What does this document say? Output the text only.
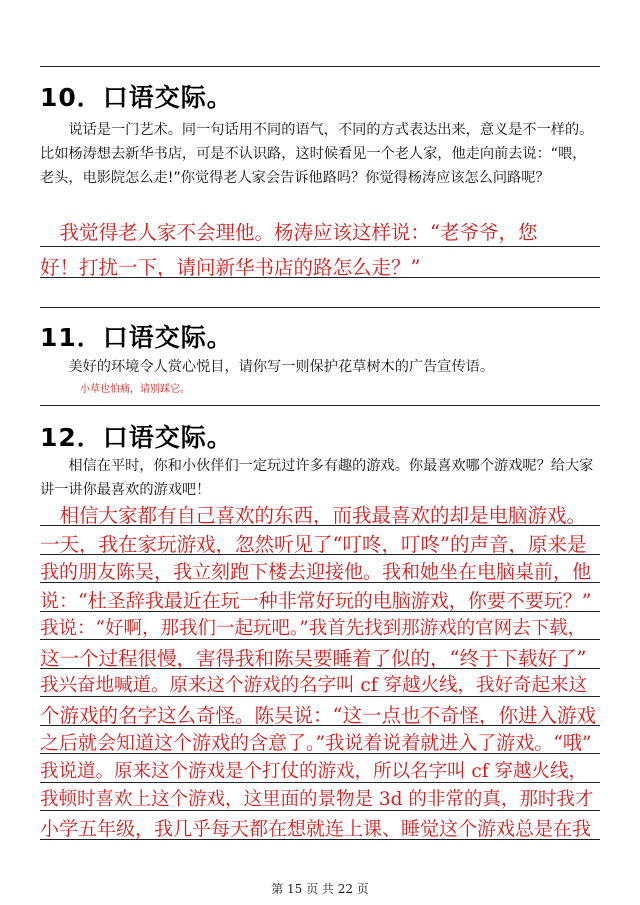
10．口语交际。

说话是一门艺术。同一句话用不同的语气，不同的方式表达出来，意义是不一样的。比如杨涛想去新华书店，可是不认识路，这时候看见一个老人家，他走向前去说：“喂，老头，电影院怎么走!”你觉得老人家会告诉他路吗？你觉得杨涛应该怎么问路呢？

　我觉得老人家不会理他。杨涛应该这样说：“老爷爷，您
好！打扰一下，请问新华书店的路怎么走？”
11．口语交际。

美好的环境令人赏心悦目，请你写一则保护花草树木的广告宣传语。

小草也怕痛，请别踩它。
12．口语交际。

相信在平时，你和小伙伴们一定玩过许多有趣的游戏。你最喜欢哪个游戏呢？给大家讲一讲你最喜欢的游戏吧！

　相信大家都有自己喜欢的东西，而我最喜欢的却是电脑游戏。
一天，我在家玩游戏，忽然听见了“叮咚，叮咚”的声音，原来是
我的朋友陈吴，我立刻跑下楼去迎接他。我和她坐在电脑桌前，他
说：“杜圣辞我最近在玩一种非常好玩的电脑游戏，你要不要玩？”
我说：“好啊，那我们一起玩吧。”我首先找到那游戏的官网去下载，
这一个过程很慢，害得我和陈吴要睡着了似的，“终于下载好了”
我兴奋地喊道。原来这个游戏的名字叫 cf 穿越火线，我好奇起来这
个游戏的名字这么奇怪。陈吴说：“这一点也不奇怪，你进入游戏
之后就会知道这个游戏的含意了。”我说着说着就进入了游戏。“哦”
我说道。原来这个游戏是个打仗的游戏，所以名字叫 cf 穿越火线，
我顿时喜欢上这个游戏，这里面的景物是 3d 的非常的真，那时我才
小学五年级，我几乎每天都在想就连上课、睡觉这个游戏总是在我
第 15 页 共 22 页
